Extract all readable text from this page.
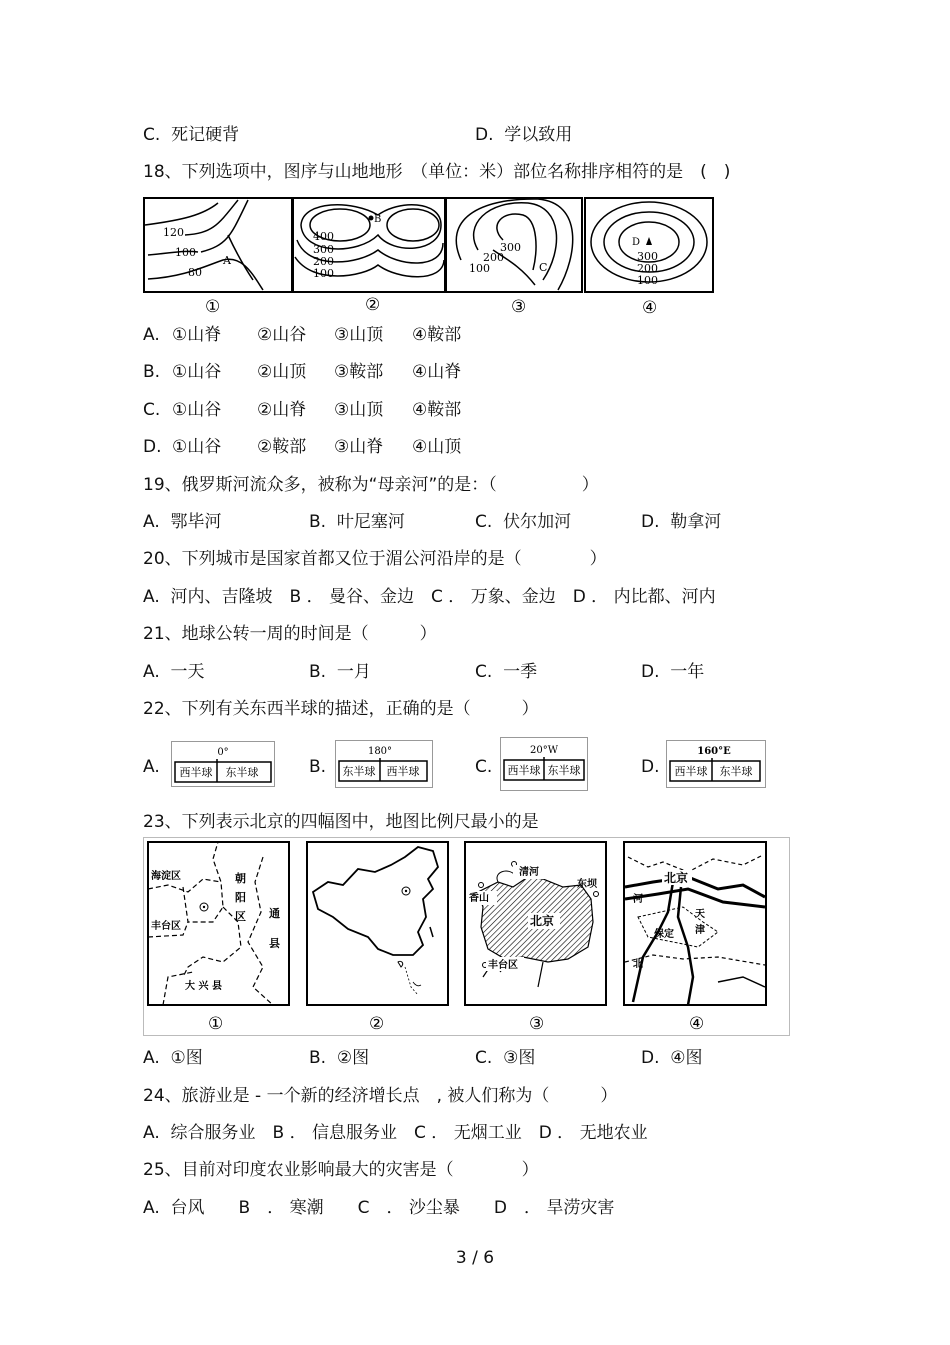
C.  死记硬背	D.  学以致用
18、下列选项中，图序与山地地形　（单位：米）部位名称排序相符的是　(　)
120
100
80
A
B
400
300
200
100
300
200
100	C
D
300
200
100
①	②	③	④
A. ①山脊 ②山谷 ③山顶 ④鞍部
B. ①山谷 ②山顶 ③鞍部 ④山脊
C. ①山谷 ②山脊 ③山顶 ④鞍部
D. ①山谷 ②鞍部 ③山脊 ④山顶
19、俄罗斯河流众多，被称为“母亲河”的是：（　　　　　）
A.  鄂毕河	B.  叶尼塞河	C.  伏尔加河	D.  勒拿河
20、下列城市是国家首都又位于湄公河沿岸的是（　　　　）
A.  河内、吉隆坡　B ． 曼谷、金边　C ． 万象、金边　D ． 内比都、河内
21、地球公转一周的时间是（　　　）
A.  一天	B.  一月	C.  一季	D.  一年
22、下列有关东西半球的描述，正确的是（　　　）
A.
0°
西半球 东半球	B.
180°
东半球 西半球	C.
20°W
西半球 东半球	D.
160°E
西半球 东半球
23、下列表示北京的四幅图中，地图比例尺最小的是
海淀区	朝
阳
区
丰台区
通
县
大 兴 县
清河
香山
东坝
北京
丰台区
北京
河
保定
天
津
北
①	②	③	④
A.  ①图	B.  ②图	C.  ③图	D.  ④图
24、旅游业是 - 一个新的经济增长点　, 被人们称为（　　　）
A.  综合服务业　B ． 信息服务业　C ． 无烟工业　D ． 无地农业
25、目前对印度农业影响最大的灾害是（　　　　）
A.  台风　　B　． 寒潮　　C　． 沙尘暴　　D　． 旱涝灾害
3 / 6
